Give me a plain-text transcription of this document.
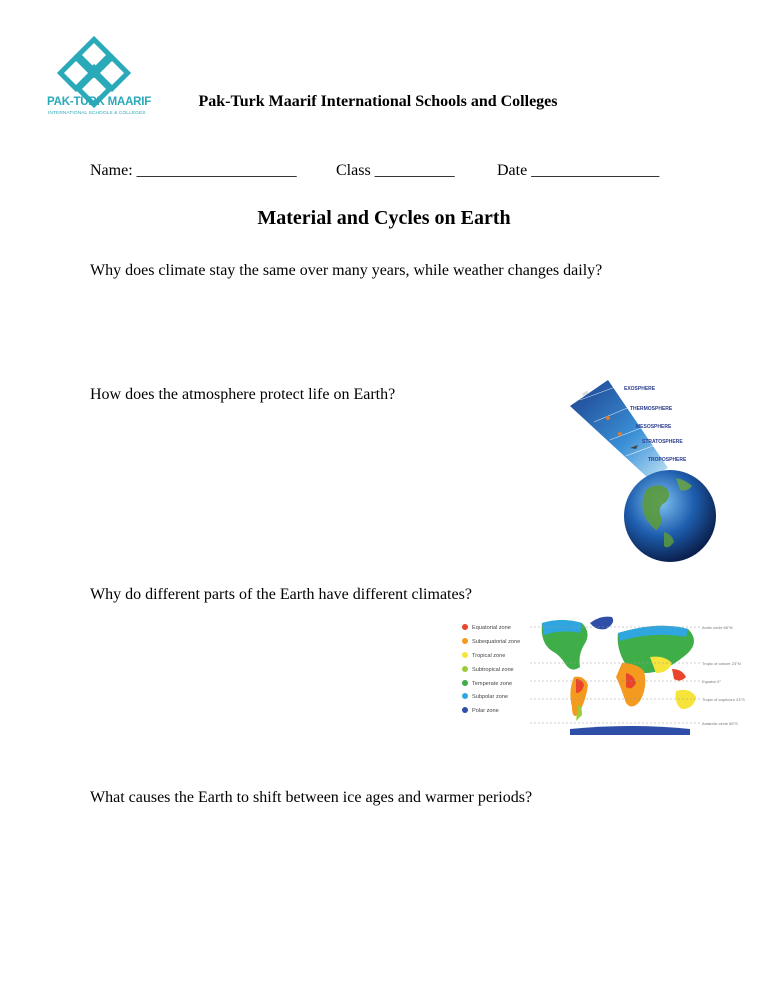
PAK-TURK MAARIF
INTERNATIONAL SCHOOLS & COLLEGES
Pak-Turk Maarif International Schools and Colleges
Name: ____________________ Class __________	Date ________________
Material and Cycles on Earth
Why does climate stay the same over many years, while weather changes daily?
How does the atmosphere protect life on Earth?
Why do different parts of the Earth have different climates?
What causes the Earth to shift between ice ages and warmer periods?
EXOSPHERE
THERMOSPHERE
MESOSPHERE
STRATOSPHERE
TROPOSPHERE
Equatorial zone
Subequatorial zone
Tropical zone
Subtropical zone
Temperate zone
Subpolar zone
Polar zone
Arctic circle 66°N
Tropic of cancer 23°N
Equator 0°
Tropic of capricorn 23°S
Antarctic circle 66°S
